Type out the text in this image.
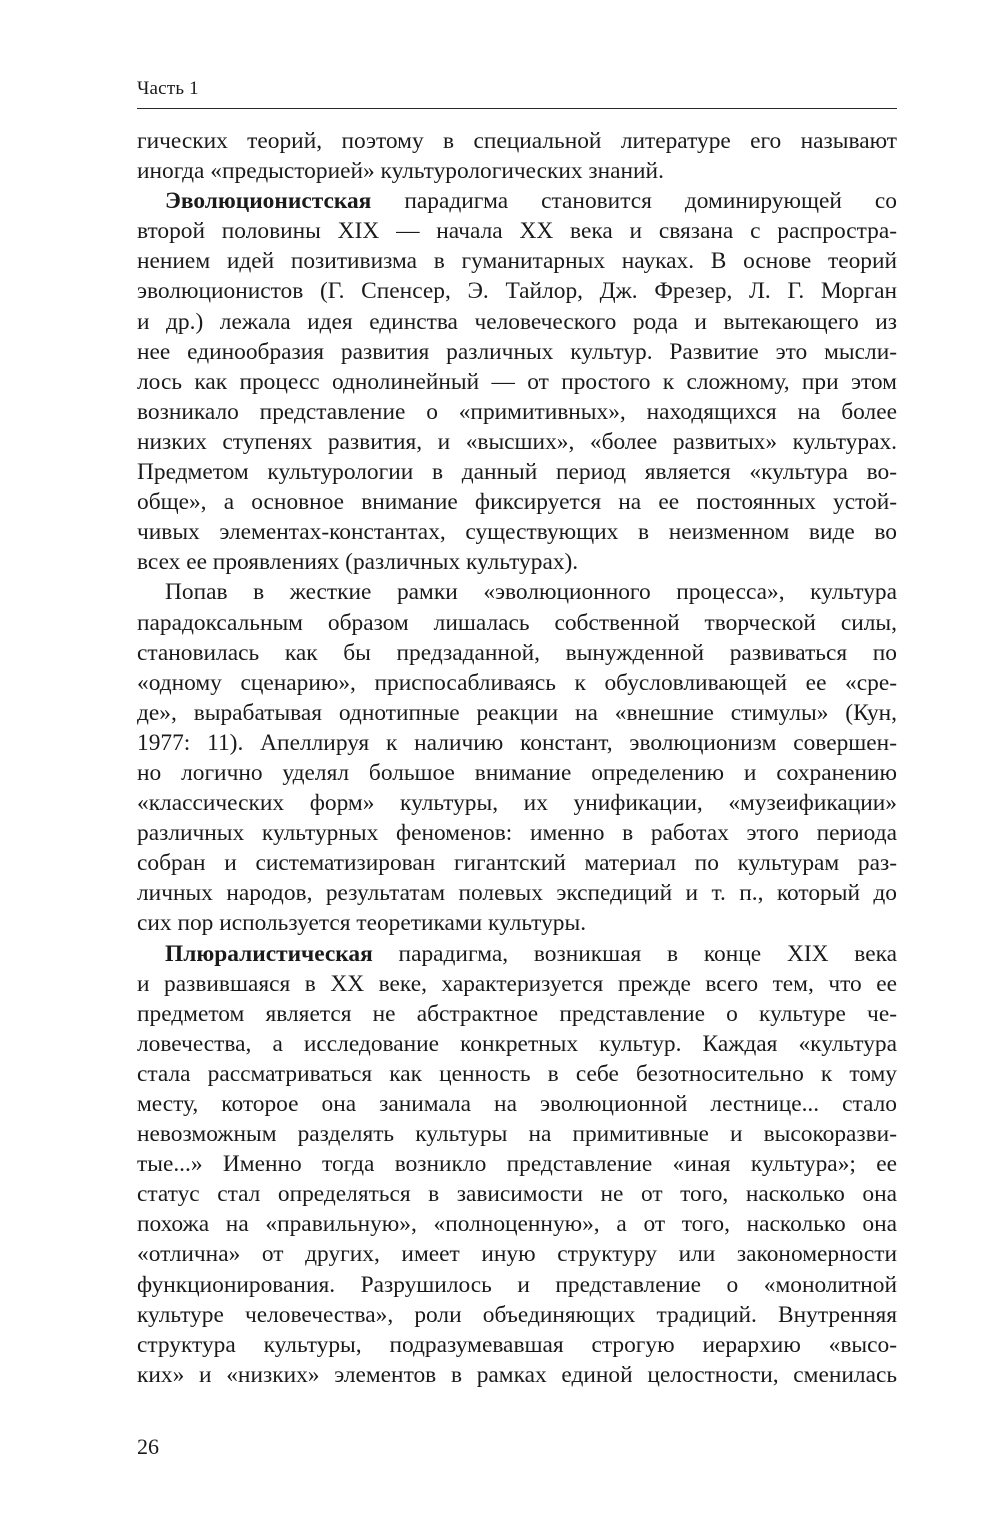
Часть 1
гических теорий, поэтому в специальной литературе его называют
иногда «предысторией» культурологических знаний.
Эволюционистская парадигма становится доминирующей со
второй половины XIX — начала XX века и связана с распростра-
нением идей позитивизма в гуманитарных науках. В основе теорий
эволюционистов (Г. Спенсер, Э. Тайлор, Дж. Фрезер, Л. Г. Морган
и др.) лежала идея единства человеческого рода и вытекающего из
нее единообразия развития различных культур. Развитие это мысли-
лось как процесс однолинейный — от простого к сложному, при этом
возникало представление о «примитивных», находящихся на более
низких ступенях развития, и «высших», «более развитых» культурах.
Предметом культурологии в данный период является «культура во-
обще», а основное внимание фиксируется на ее постоянных устой-
чивых элементах-константах, существующих в неизменном виде во
всех ее проявлениях (различных культурах).
Попав в жесткие рамки «эволюционного процесса», культура
парадоксальным образом лишалась собственной творческой силы,
становилась как бы предзаданной, вынужденной развиваться по
«одному сценарию», приспосабливаясь к обусловливающей ее «сре-
де», вырабатывая однотипные реакции на «внешние стимулы» (Кун,
1977: 11). Апеллируя к наличию констант, эволюционизм совершен-
но логично уделял большое внимание определению и сохранению
«классических форм» культуры, их унификации, «музеификации»
различных культурных феноменов: именно в работах этого периода
собран и систематизирован гигантский материал по культурам раз-
личных народов, результатам полевых экспедиций и т. п., который до
сих пор используется теоретиками культуры.
Плюралистическая парадигма, возникшая в конце XIX века
и развившаяся в XX веке, характеризуется прежде всего тем, что ее
предметом является не абстрактное представление о культуре че-
ловечества, а исследование конкретных культур. Каждая «культура
стала рассматриваться как ценность в себе безотносительно к тому
месту, которое она занимала на эволюционной лестнице... стало
невозможным разделять культуры на примитивные и высокоразви-
тые...» Именно тогда возникло представление «иная культура»; ее
статус стал определяться в зависимости не от того, насколько она
похожа на «правильную», «полноценную», а от того, насколько она
«отлична» от других, имеет иную структуру или закономерности
функционирования. Разрушилось и представление о «монолитной
культуре человечества», роли объединяющих традиций. Внутренняя
структура культуры, подразумевавшая строгую иерархию «высо-
ких» и «низких» элементов в рамках единой целостности, сменилась
26
